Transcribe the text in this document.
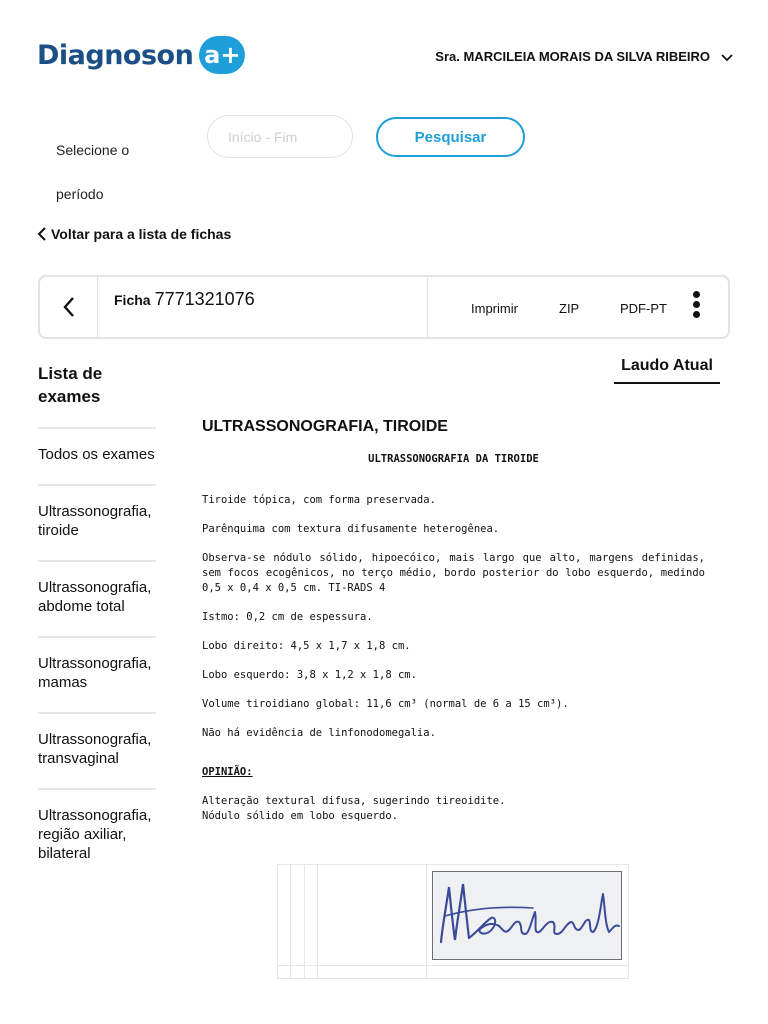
Diagnoson a+	Sra. MARCILEIA MORAIS DA SILVA RIBEIRO
Selecione o período
Início - Fim
Pesquisar
Voltar para a lista de fichas
Ficha 7771321076	Imprimir	ZIP	PDF-PT
Lista de exames
Todos os exames
Ultrassonografia, tiroide
Ultrassonografia, abdome total
Ultrassonografia, mamas
Ultrassonografia, transvaginal
Ultrassonografia, região axiliar, bilateral
Laudo Atual
ULTRASSONOGRAFIA, TIROIDE
ULTRASSONOGRAFIA DA TIROIDE
Tiroide tópica, com forma preservada.
Parênquima com textura difusamente heterogênea.
Observa-se nódulo sólido, hipoecóico, mais largo que alto, margens definidas, sem focos ecogênicos, no terço médio, bordo posterior do lobo esquerdo, medindo 0,5 x 0,4 x 0,5 cm. TI-RADS 4
Istmo: 0,2 cm de espessura.
Lobo direito: 4,5 x 1,7 x 1,8 cm.
Lobo esquerdo: 3,8 x 1,2 x 1,8 cm.
Volume tiroidiano global: 11,6 cm³ (normal de 6 a 15 cm³).
Não há evidência de linfonodomegalia.
OPINIÃO:
Alteração textural difusa, sugerindo tireoidite.
Nódulo sólido em lobo esquerdo.
